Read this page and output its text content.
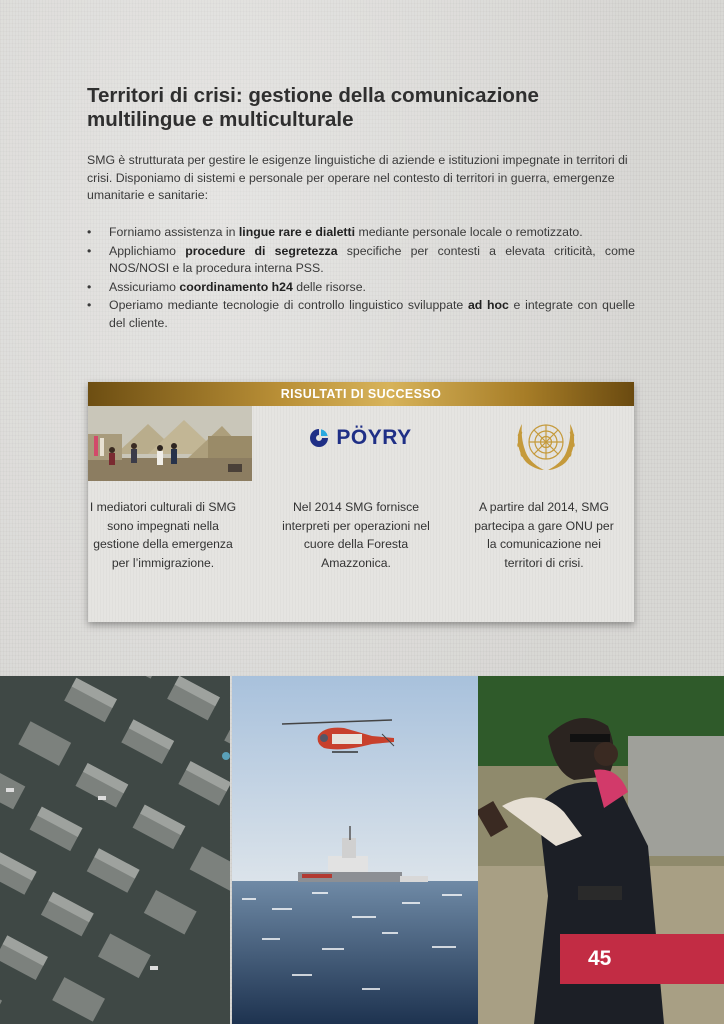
Territori di crisi: gestione della comunicazione multilingue e multiculturale

SMG è strutturata per gestire le esigenze linguistiche di aziende e istituzioni impegnate in territori di crisi. Disponiamo di sistemi e personale per operare nel contesto di territori in guerra, emergenze umanitarie e sanitarie:

• Forniamo assistenza in lingue rare e dialetti mediante personale locale o remotizzato.
• Applichiamo procedure di segretezza specifiche per contesti a elevata criticità, come NOS/NOSI e la procedura interna PSS.
• Assicuriamo coordinamento h24 delle risorse.
• Operiamo mediante tecnologie di controllo linguistico sviluppate ad hoc e integrate con quelle del cliente.
RISULTATI DI SUCCESSO
PÖYRY

I mediatori culturali di SMG sono impegnati nella gestione della emergenza per l’immigrazione.

Nel 2014 SMG fornisce interpreti per operazioni nel cuore della Foresta Amazzonica.

A partire dal 2014, SMG partecipa a gare ONU per la comunicazione nei territori di crisi.

45
